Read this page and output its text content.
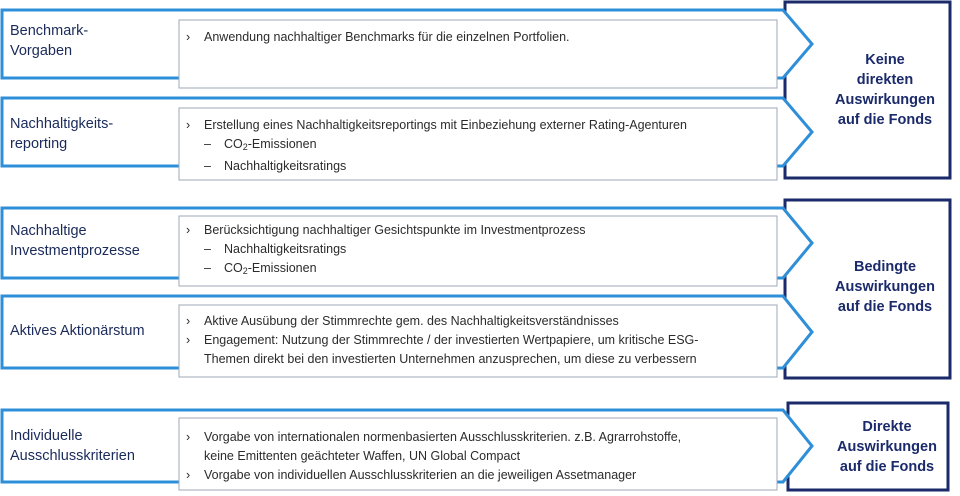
Benchmark-
Vorgaben
Nachhaltigkeits-
reporting
Nachhaltige
Investmentprozesse
Aktives Aktionärstum
Individuelle
Ausschlusskriterien
› Anwendung nachhaltiger Benchmarks für die einzelnen Portfolien.
› Erstellung eines Nachhaltigkeitsreportings mit Einbeziehung externer Rating-Agenturen
– $CO_2$-Emissionen
– Nachhaltigkeitsratings
› Berücksichtigung nachhaltiger Gesichtspunkte im Investmentprozess
– Nachhaltigkeitsratings
– $CO_2$-Emissionen
› Aktive Ausübung der Stimmrechte gem. des Nachhaltigkeitsverständnisses
› Engagement: Nutzung der Stimmrechte / der investierten Wertpapiere, um kritische ESG-
Themen direkt bei den investierten Unternehmen anzusprechen, um diese zu verbessern
› Vorgabe von internationalen normenbasierten Ausschlusskriterien. z.B. Agrarrohstoffe,
keine Emittenten geächteter Waffen, UN Global Compact
› Vorgabe von individuellen Ausschlusskriterien an die jeweiligen Assetmanager
Keine
direkten
Auswirkungen
auf die Fonds
Bedingte
Auswirkungen
auf die Fonds
Direkte
Auswirkungen
auf die Fonds
